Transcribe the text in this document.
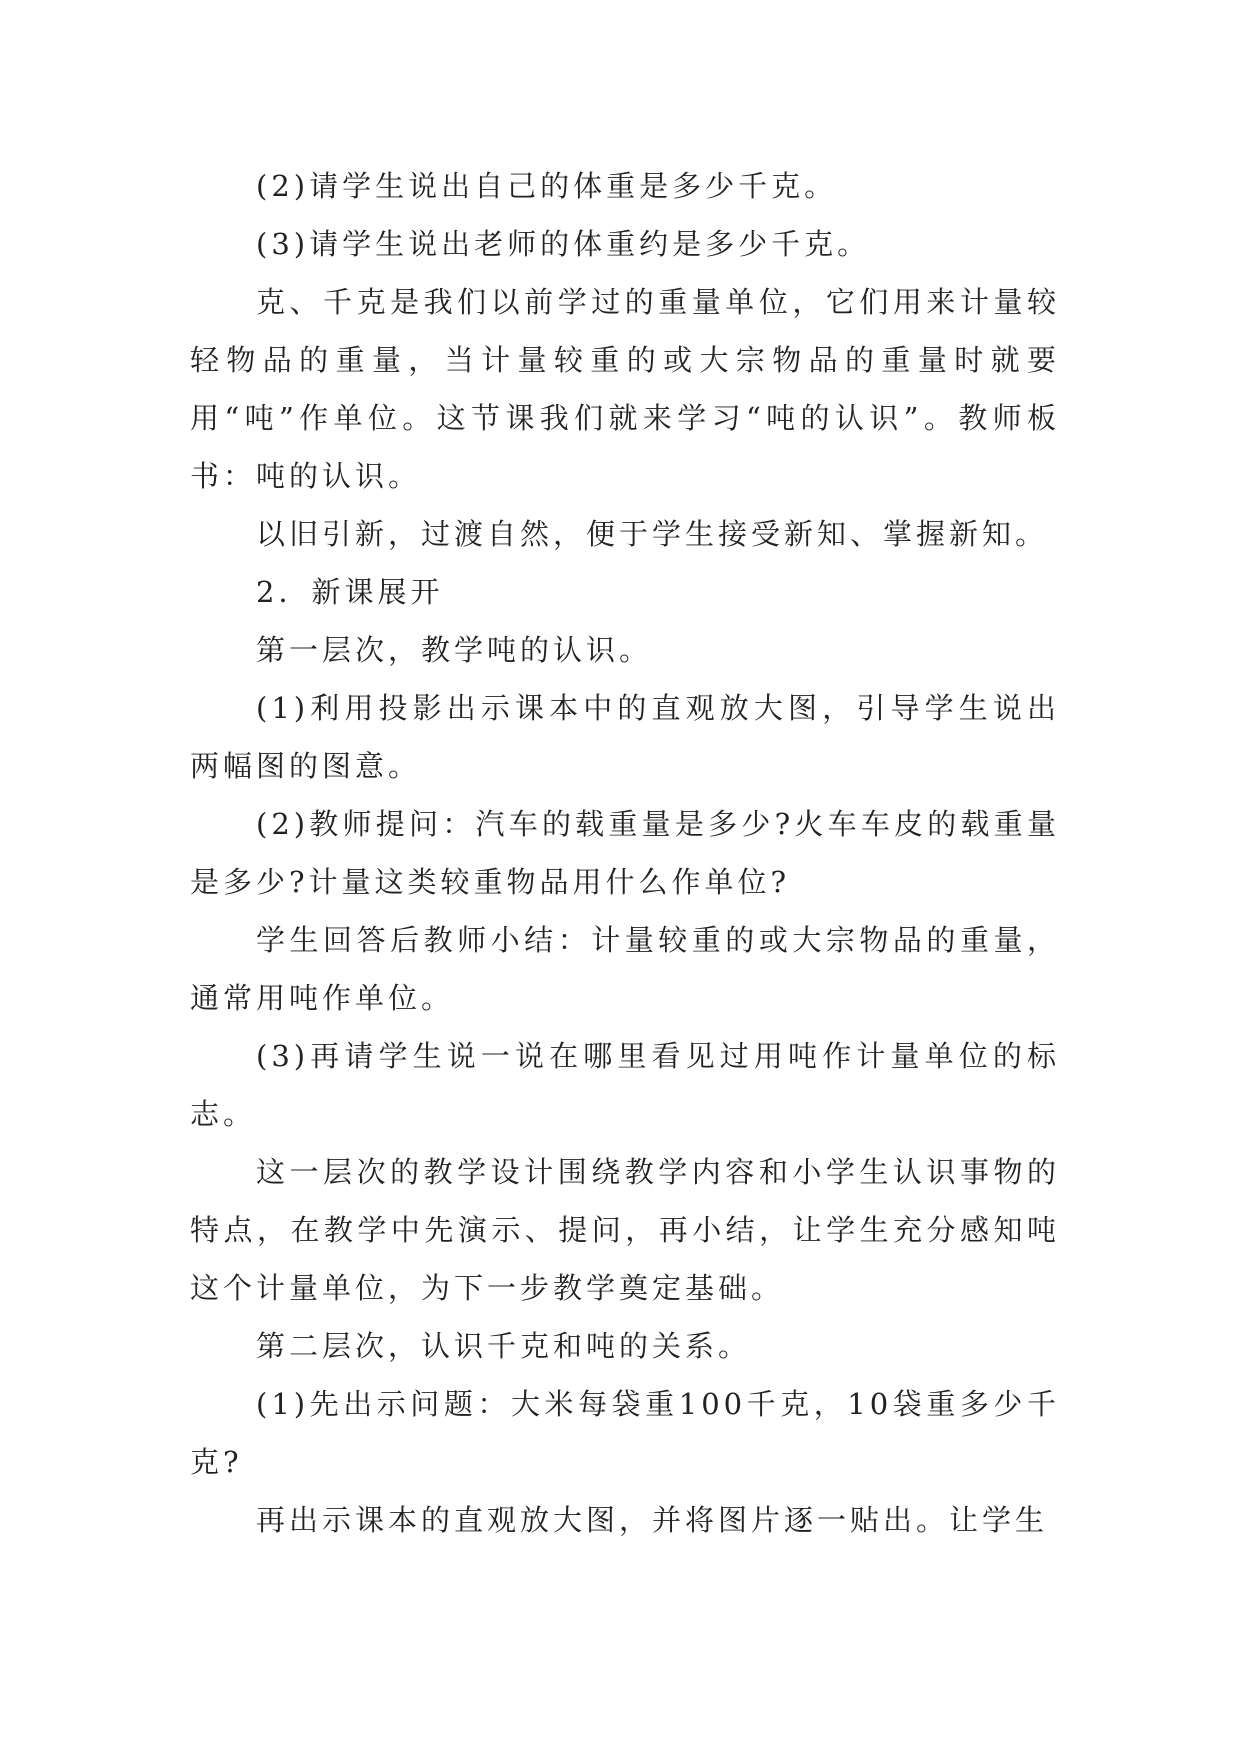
(2)请学生说出自己的体重是多少千克。

(3)请学生说出老师的体重约是多少千克。

克、千克是我们以前学过的重量单位，它们用来计量较轻物品的重量，当计量较重的或大宗物品的重量时就要用“吨”作单位。这节课我们就来学习“吨的认识”。教师板书：吨的认识。

以旧引新，过渡自然，便于学生接受新知、掌握新知。

2．新课展开

第一层次，教学吨的认识。

(1)利用投影出示课本中的直观放大图，引导学生说出两幅图的图意。

(2)教师提问：汽车的载重量是多少?火车车皮的载重量是多少?计量这类较重物品用什么作单位?

学生回答后教师小结：计量较重的或大宗物品的重量，通常用吨作单位。

(3)再请学生说一说在哪里看见过用吨作计量单位的标志。

这一层次的教学设计围绕教学内容和小学生认识事物的特点，在教学中先演示、提问，再小结，让学生充分感知吨这个计量单位，为下一步教学奠定基础。

第二层次，认识千克和吨的关系。

(1)先出示问题：大米每袋重100千克，10袋重多少千克?

再出示课本的直观放大图，并将图片逐一贴出。让学生
